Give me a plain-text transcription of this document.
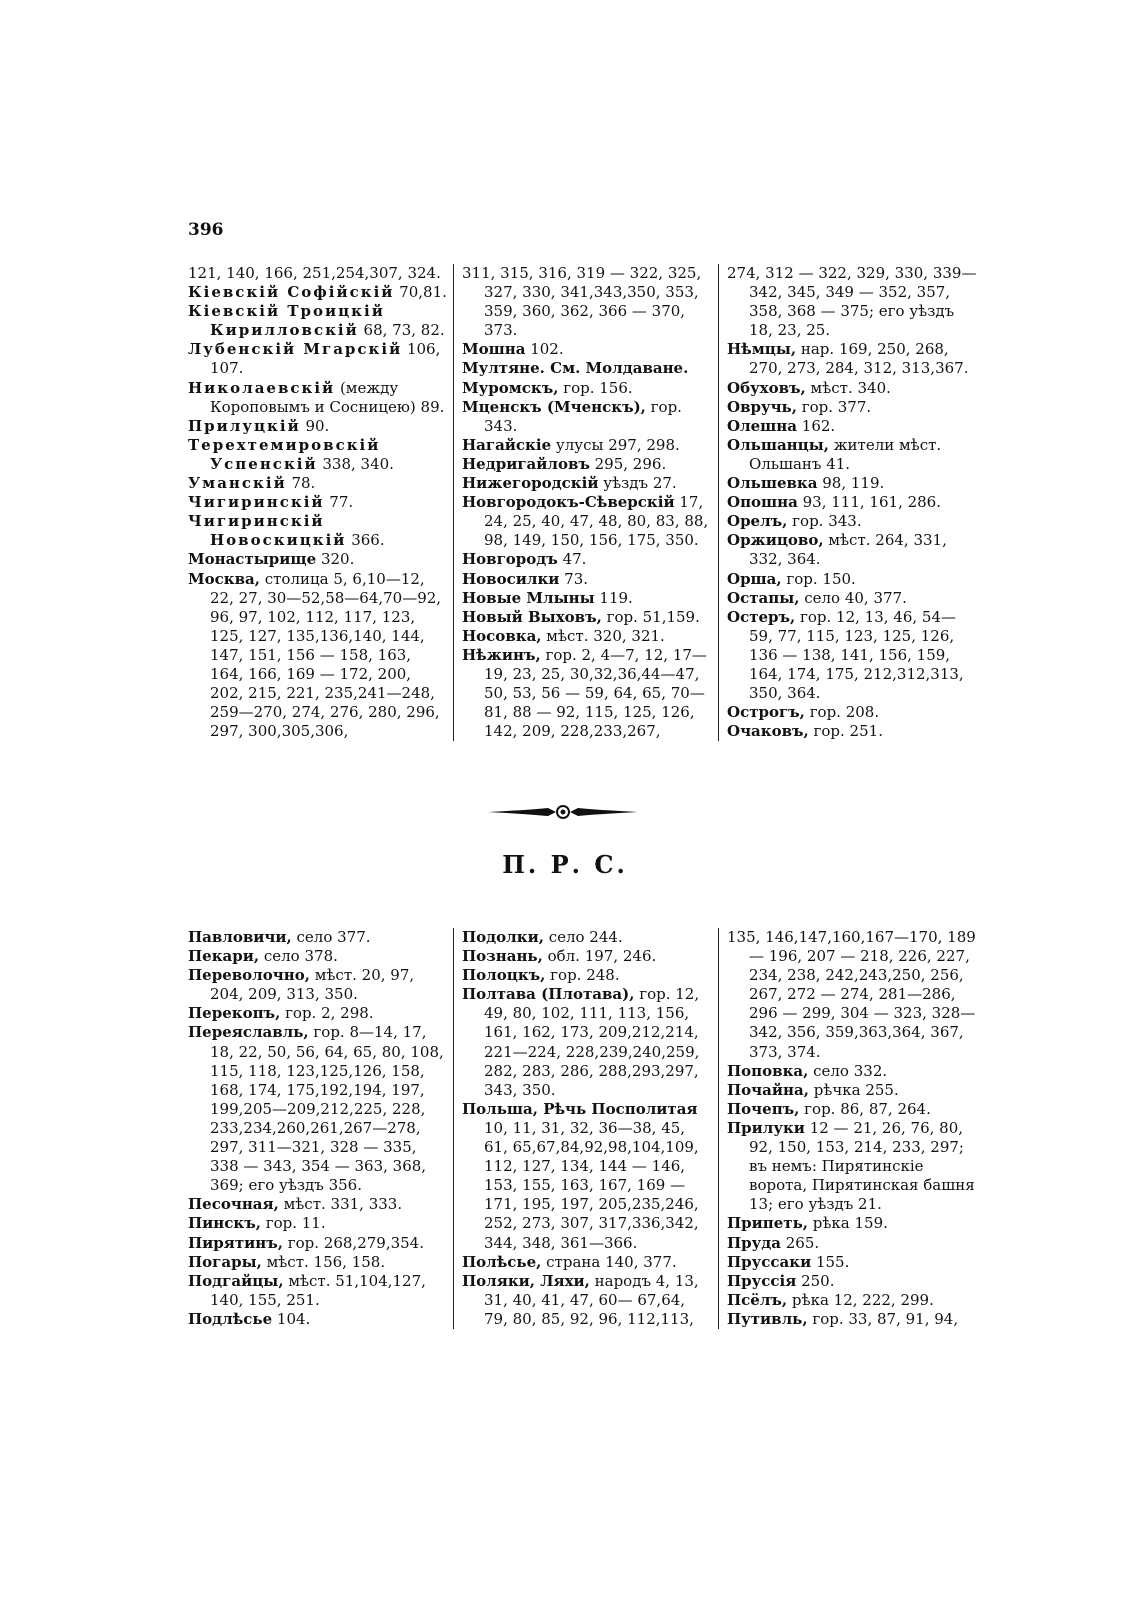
396
121, 140, 166, 251,254,307, 324.
Кіевскій Софійскій 70,81.
Кіевскій Троицкій Кирилловскій 68, 73, 82.
Лубенскій Мгарскій 106, 107.
Николаевскій (между Короповымъ и Сосницею) 89.
Прилуцкій 90.
Терехтемировскій Успенскій 338, 340.
Уманскій 78.
Чигиринскій 77.
Чигиринскій Новоскицкій 366.
Монастырище 320.
Москва, столица 5, 6,10—12, 22, 27, 30—52,58—64,70—92, 96, 97, 102, 112, 117, 123, 125, 127, 135,136,140, 144, 147, 151, 156 — 158, 163, 164, 166, 169 — 172, 200, 202, 215, 221, 235,241—248, 259—270, 274, 276, 280, 296, 297, 300,305,306,
311, 315, 316, 319 — 322, 325, 327, 330, 341,343,350, 353, 359, 360, 362, 366 — 370, 373.
Мошна 102.
Мултяне. См. Молдаване.
Муромскъ, гор. 156.
Мценскъ (Мченскъ), гор. 343.
Нагайскіе улусы 297, 298.
Недригайловъ 295, 296.
Нижегородскій уѣздъ 27.
Новгородокъ-Сѣверскій 17, 24, 25, 40, 47, 48, 80, 83, 88, 98, 149, 150, 156, 175, 350.
Новгородъ 47.
Новосилки 73.
Новые Млыны 119.
Новый Выховъ, гор. 51,159.
Носовка, мѣст. 320, 321.
Нѣжинъ, гор. 2, 4—7, 12, 17—19, 23, 25, 30,32,36,44—47, 50, 53, 56 — 59, 64, 65, 70—81, 88 — 92, 115, 125, 126, 142, 209, 228,233,267,
274, 312 — 322, 329, 330, 339—342, 345, 349 — 352, 357, 358, 368 — 375; его уѣздъ 18, 23, 25.
Нѣмцы, нар. 169, 250, 268, 270, 273, 284, 312, 313,367.
Обуховъ, мѣст. 340.
Овручь, гор. 377.
Олешна 162.
Ольшанцы, жители мѣст. Ольшанъ 41.
Ольшевка 98, 119.
Опошна 93, 111, 161, 286.
Орелъ, гор. 343.
Оржицово, мѣст. 264, 331, 332, 364.
Орша, гор. 150.
Остапы, село 40, 377.
Остеръ, гор. 12, 13, 46, 54—59, 77, 115, 123, 125, 126, 136 — 138, 141, 156, 159, 164, 174, 175, 212,312,313, 350, 364.
Острогъ, гор. 208.
Очаковъ, гор. 251.
П. Р. С.
Павловичи, село 377.
Пекари, село 378.
Переволочно, мѣст. 20, 97, 204, 209, 313, 350.
Перекопъ, гор. 2, 298.
Переяславль, гор. 8—14, 17, 18, 22, 50, 56, 64, 65, 80, 108, 115, 118, 123,125,126, 158, 168, 174, 175,192,194, 197, 199,205—209,212,225, 228, 233,234,260,261,267—278, 297, 311—321, 328 — 335, 338 — 343, 354 — 363, 368, 369; его уѣздъ 356.
Песочная, мѣст. 331, 333.
Пинскъ, гор. 11.
Пирятинъ, гор. 268,279,354.
Погары, мѣст. 156, 158.
Подгайцы, мѣст. 51,104,127, 140, 155, 251.
Подлѣсье 104.
Подолки, село 244.
Познань, обл. 197, 246.
Полоцкъ, гор. 248.
Полтава (Плотава), гор. 12, 49, 80, 102, 111, 113, 156, 161, 162, 173, 209,212,214, 221—224, 228,239,240,259, 282, 283, 286, 288,293,297, 343, 350.
Польша, Рѣчь Посполитая 10, 11, 31, 32, 36—38, 45, 61, 65,67,84,92,98,104,109, 112, 127, 134, 144 — 146, 153, 155, 163, 167, 169 — 171, 195, 197, 205,235,246, 252, 273, 307, 317,336,342, 344, 348, 361—366.
Полѣсье, страна 140, 377.
Поляки, Ляхи, народъ 4, 13, 31, 40, 41, 47, 60— 67,64, 79, 80, 85, 92, 96, 112,113,
135, 146,147,160,167—170, 189 — 196, 207 — 218, 226, 227, 234, 238, 242,243,250, 256, 267, 272 — 274, 281—286, 296 — 299, 304 — 323, 328—342, 356, 359,363,364, 367, 373, 374.
Поповка, село 332.
Почайна, рѣчка 255.
Почепъ, гор. 86, 87, 264.
Прилуки 12 — 21, 26, 76, 80, 92, 150, 153, 214, 233, 297; въ немъ: Пирятинскіе ворота, Пирятинская башня 13; его уѣздъ 21.
Припеть, рѣка 159.
Пруда 265.
Пруссаки 155.
Пруссія 250.
Псёлъ, рѣка 12, 222, 299.
Путивль, гор. 33, 87, 91, 94,
